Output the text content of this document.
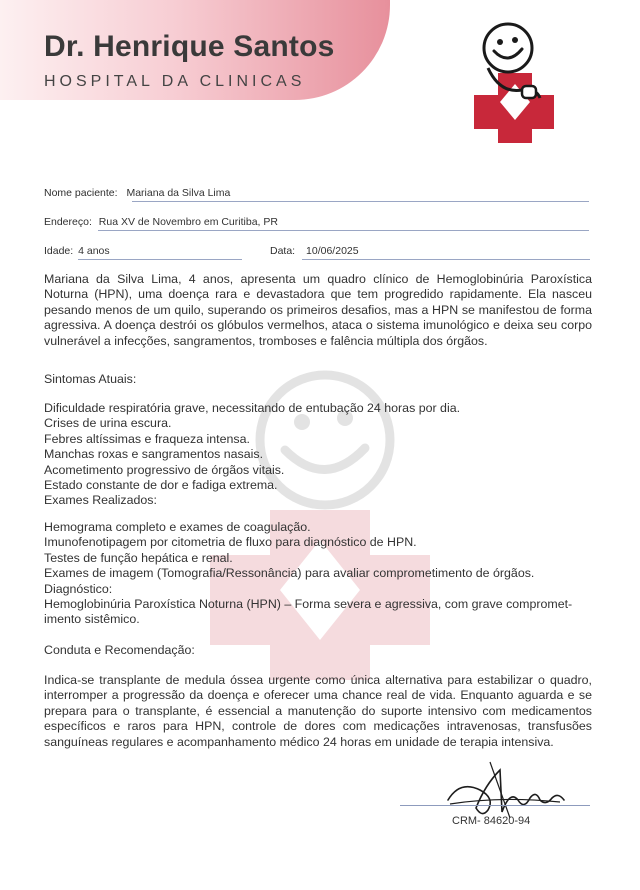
Dr. Henrique Santos
HOSPITAL DA CLINICAS
Nome paciente: Mariana da Silva Lima
Endereço: Rua XV de Novembro em Curitiba, PR
Idade: 4 anos	Data: 10/06/2025

Mariana da Silva Lima, 4 anos, apresenta um quadro clínico de Hemoglobinúria Paroxística Noturna (HPN), uma doença rara e devastadora que tem progredido rapidamente. Ela nasceu pesando menos de um quilo, superando os primeiros desafios, mas a HPN se manifestou de forma agressiva. A doença destrói os glóbulos vermelhos, ataca o sistema imunológico e deixa seu corpo vulnerável a infecções, sangramentos, tromboses e falência múltipla dos órgãos.

Sintomas Atuais:

Dificuldade respiratória grave, necessitando de entubação 24 horas por dia.
Crises de urina escura.
Febres altíssimas e fraqueza intensa.
Manchas roxas e sangramentos nasais.
Acometimento progressivo de órgãos vitais.
Estado constante de dor e fadiga extrema.
Exames Realizados:
Hemograma completo e exames de coagulação.
Imunofenotipagem por citometria de fluxo para diagnóstico de HPN.
Testes de função hepática e renal.
Exames de imagem (Tomografia/Ressonância) para avaliar comprometimento de órgãos.
Diagnóstico:
Hemoglobinúria Paroxística Noturna (HPN) – Forma severa e agressiva, com grave compromet-
imento sistêmico.

Conduta e Recomendação:

Indica-se transplante de medula óssea urgente como única alternativa para estabilizar o quadro, interromper a progressão da doença e oferecer uma chance real de vida. Enquanto aguarda e se prepara para o transplante, é essencial a manutenção do suporte intensivo com medicamentos específicos e raros para HPN, controle de dores com medicações intravenosas, transfusões sanguíneas regulares e acompanhamento médico 24 horas em unidade de terapia intensiva.

CRM- 84620-94
